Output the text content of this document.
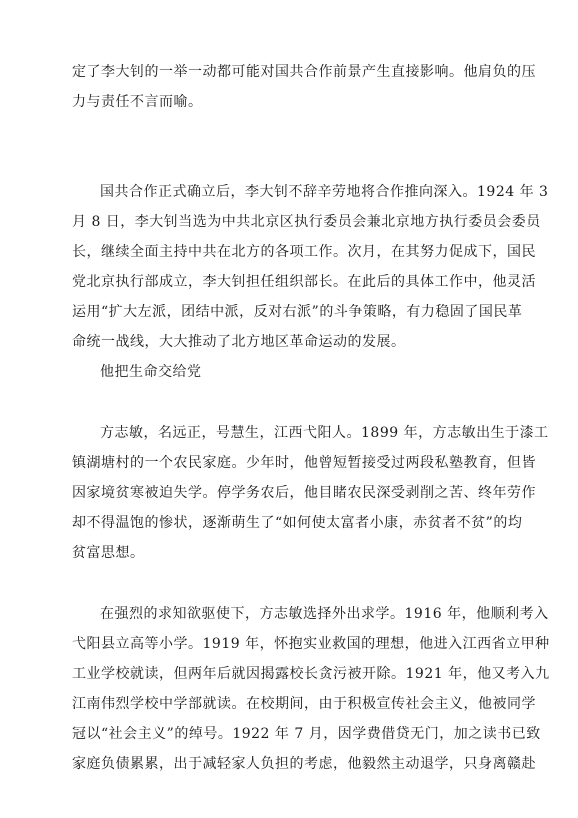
定了李大钊的一举一动都可能对国共合作前景产生直接影响。他肩负的压
力与责任不言而喻。
国共合作正式确立后，李大钊不辞辛劳地将合作推向深入。1924 年 3
月 8 日，李大钊当选为中共北京区执行委员会兼北京地方执行委员会委员
长，继续全面主持中共在北方的各项工作。次月，在其努力促成下，国民
党北京执行部成立，李大钊担任组织部长。在此后的具体工作中，他灵活
运用“扩大左派，团结中派，反对右派”的斗争策略，有力稳固了国民革
命统一战线，大大推动了北方地区革命运动的发展。
他把生命交给党
方志敏，名远正，号慧生，江西弋阳人。1899 年，方志敏出生于漆工
镇湖塘村的一个农民家庭。少年时，他曾短暂接受过两段私塾教育，但皆
因家境贫寒被迫失学。停学务农后，他目睹农民深受剥削之苦、终年劳作
却不得温饱的惨状，逐渐萌生了“如何使太富者小康，赤贫者不贫”的均
贫富思想。
在强烈的求知欲驱使下，方志敏选择外出求学。1916 年，他顺利考入
弋阳县立高等小学。1919 年，怀抱实业救国的理想，他进入江西省立甲种
工业学校就读，但两年后就因揭露校长贪污被开除。1921 年，他又考入九
江南伟烈学校中学部就读。在校期间，由于积极宣传社会主义，他被同学
冠以“社会主义”的绰号。1922 年 7 月，因学费借贷无门，加之读书已致
家庭负债累累，出于减轻家人负担的考虑，他毅然主动退学，只身离赣赴
